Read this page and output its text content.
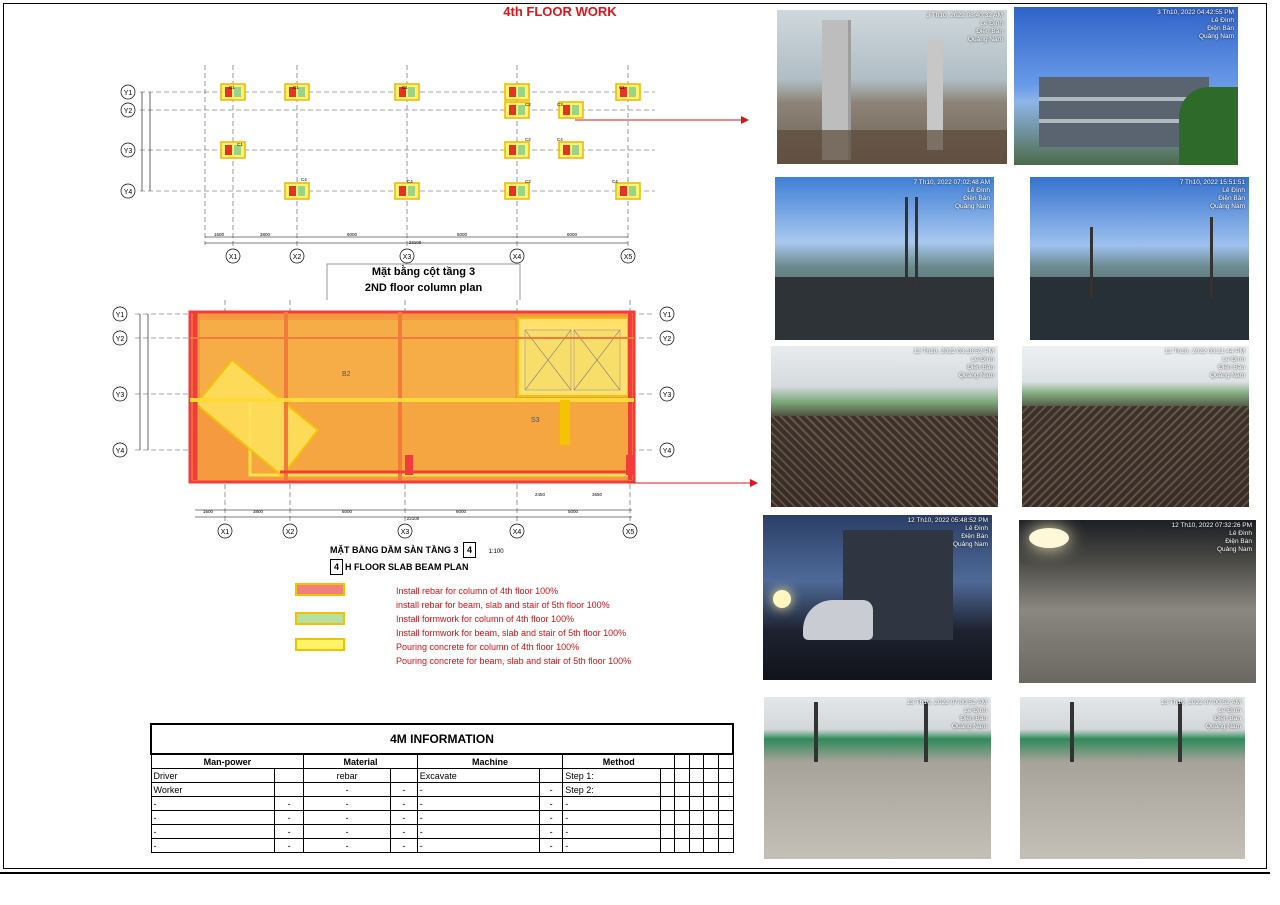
4th FLOOR WORK
Y1
Y2
Y3
Y4
X1	X2	X3	X4	X5
1600	3800	6000	6000	6000
23100
C1	C1	C1
C1
C1
C4	C4	C2
C2
C2
C3
C4
C4
B2
S3
Y1
Y2
Y3
Y4
Y1
Y2
Y3
Y4
1600	3800	6000	6000	5000
22100
2450	3650
X1	X2	X3	X4	X5
Mặt bằng cột tầng 3
2ND floor column plan
MẶT BẰNG DẦM SÀN TẦNG 3 4	1:100
4 H FLOOR SLAB BEAM PLAN
Install rebar for column of 4th floor 100%
install rebar for beam, slab and stair of 5th floor 100%
Install formwork for column of 4th floor 100%
Install formwork for beam, slab and stair of 5th floor 100%
Pouring concrete for column of 4th floor 100%
Pouring concrete for beam, slab and stair of 5th floor 100%
3 Th10, 2022 08:40:32 AM
Lê Đình
Điện Bàn
Quảng Nam
3 Th10, 2022 04:42:55 PM
Lê Đình
Điện Bàn
Quảng Nam
7 Th10, 2022 07:02:48 AM
Lê Đình
Điện Bàn
Quảng Nam
7 Th10, 2022 15:51:51
Lê Đình
Điện Bàn
Quảng Nam
12 Th10, 2022 03:18:52 PM
Lê Đình
Điện Bàn
Quảng Nam
12 Th10, 2022 03:21:44 PM
Lê Đình
Điện Bàn
Quảng Nam
12 Th10, 2022 05:48:52 PM
Lê Đình
Điện Bàn
Quảng Nam
12 Th10, 2022 07:32:26 PM
Lê Đình
Điện Bàn
Quảng Nam
13 Th10, 2022 07:00:52 AM
Lê Đình
Điện Bàn
Quảng Nam
13 Th10, 2022 07:00:52 AM
Lê Đình
Điện Bàn
Quảng Nam
4M INFORMATION											
Man-power		Material		Machine		Method					
Driver		rebar		Excavate		Step 1:					
Worker		-	-	-	-	Step 2:					
-	-	-	-	-	-	-					
-	-	-	-	-	-	-					
-	-	-	-	-	-	-					
-	-	-	-	-	-	-					
